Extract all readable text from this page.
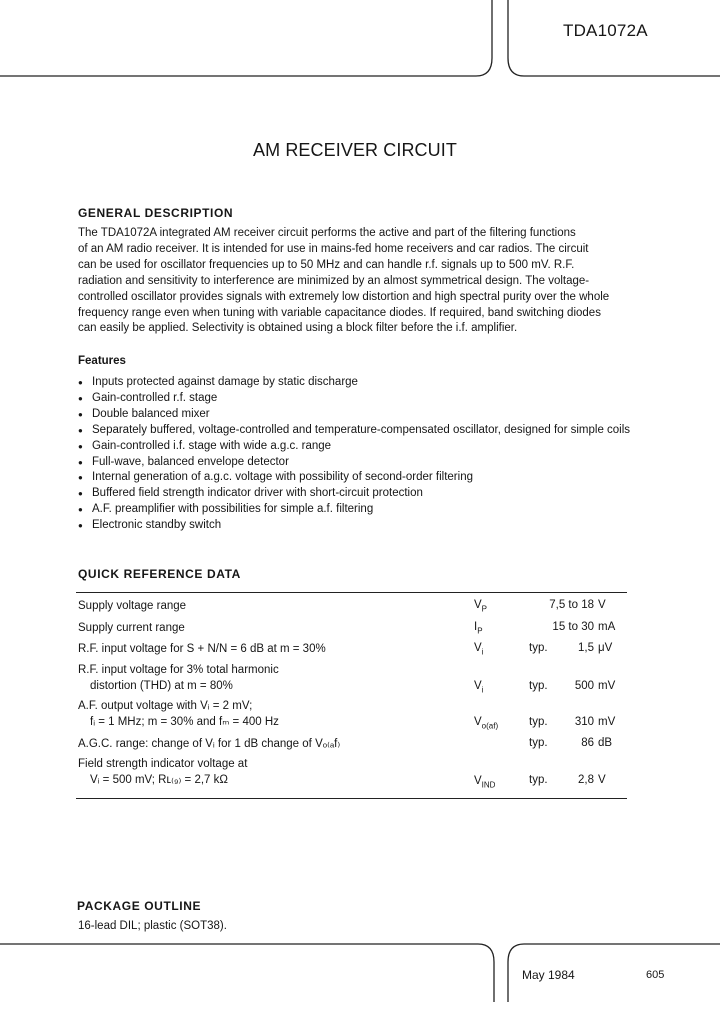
TDA1072A
AM RECEIVER CIRCUIT
GENERAL DESCRIPTION
The TDA1072A integrated AM receiver circuit performs the active and part of the filtering functions
of an AM radio receiver. It is intended for use in mains-fed home receivers and car radios. The circuit
can be used for oscillator frequencies up to 50 MHz and can handle r.f. signals up to 500 mV. R.F.
radiation and sensitivity to interference are minimized by an almost symmetrical design. The voltage-
controlled oscillator provides signals with extremely low distortion and high spectral purity over the whole
frequency range even when tuning with variable capacitance diodes. If required, band switching diodes
can easily be applied. Selectivity is obtained using a block filter before the i.f. amplifier.
Features
● Inputs protected against damage by static discharge
● Gain-controlled r.f. stage
● Double balanced mixer
● Separately buffered, voltage-controlled and temperature-compensated oscillator, designed for simple coils
● Gain-controlled i.f. stage with wide a.g.c. range
● Full-wave, balanced envelope detector
● Internal generation of a.g.c. voltage with possibility of second-order filtering
● Buffered field strength indicator driver with short-circuit protection
● A.F. preamplifier with possibilities for simple a.f. filtering
● Electronic standby switch
QUICK REFERENCE DATA
Supply voltage range	$V_P$	7,5 to 18 V
Supply current range	$I_P$	15 to 30 mA
R.F. input voltage for S + N/N = 6 dB at m = 30%	$V_i$	typ.	1,5 μV
R.F. input voltage for 3% total harmonic
distortion (THD) at m = 80%	$V_i$	typ. 500 mV
A.F. output voltage with Vᵢ = 2 mV;
fᵢ = 1 MHz; m = 30% and fₘ = 400 Hz	$V_{o(af)}$	typ. 310 mV
A.G.C. range: change of Vᵢ for 1 dB change of Vₒ₍ₐf₎	typ.	86 dB
Field strength indicator voltage at
Vᵢ = 500 mV; Rʟ₍₉₎ = 2,7 kΩ	$V_{IND}$	typ.	2,8 V
PACKAGE OUTLINE
16-lead DIL; plastic (SOT38).
May 1984	605
